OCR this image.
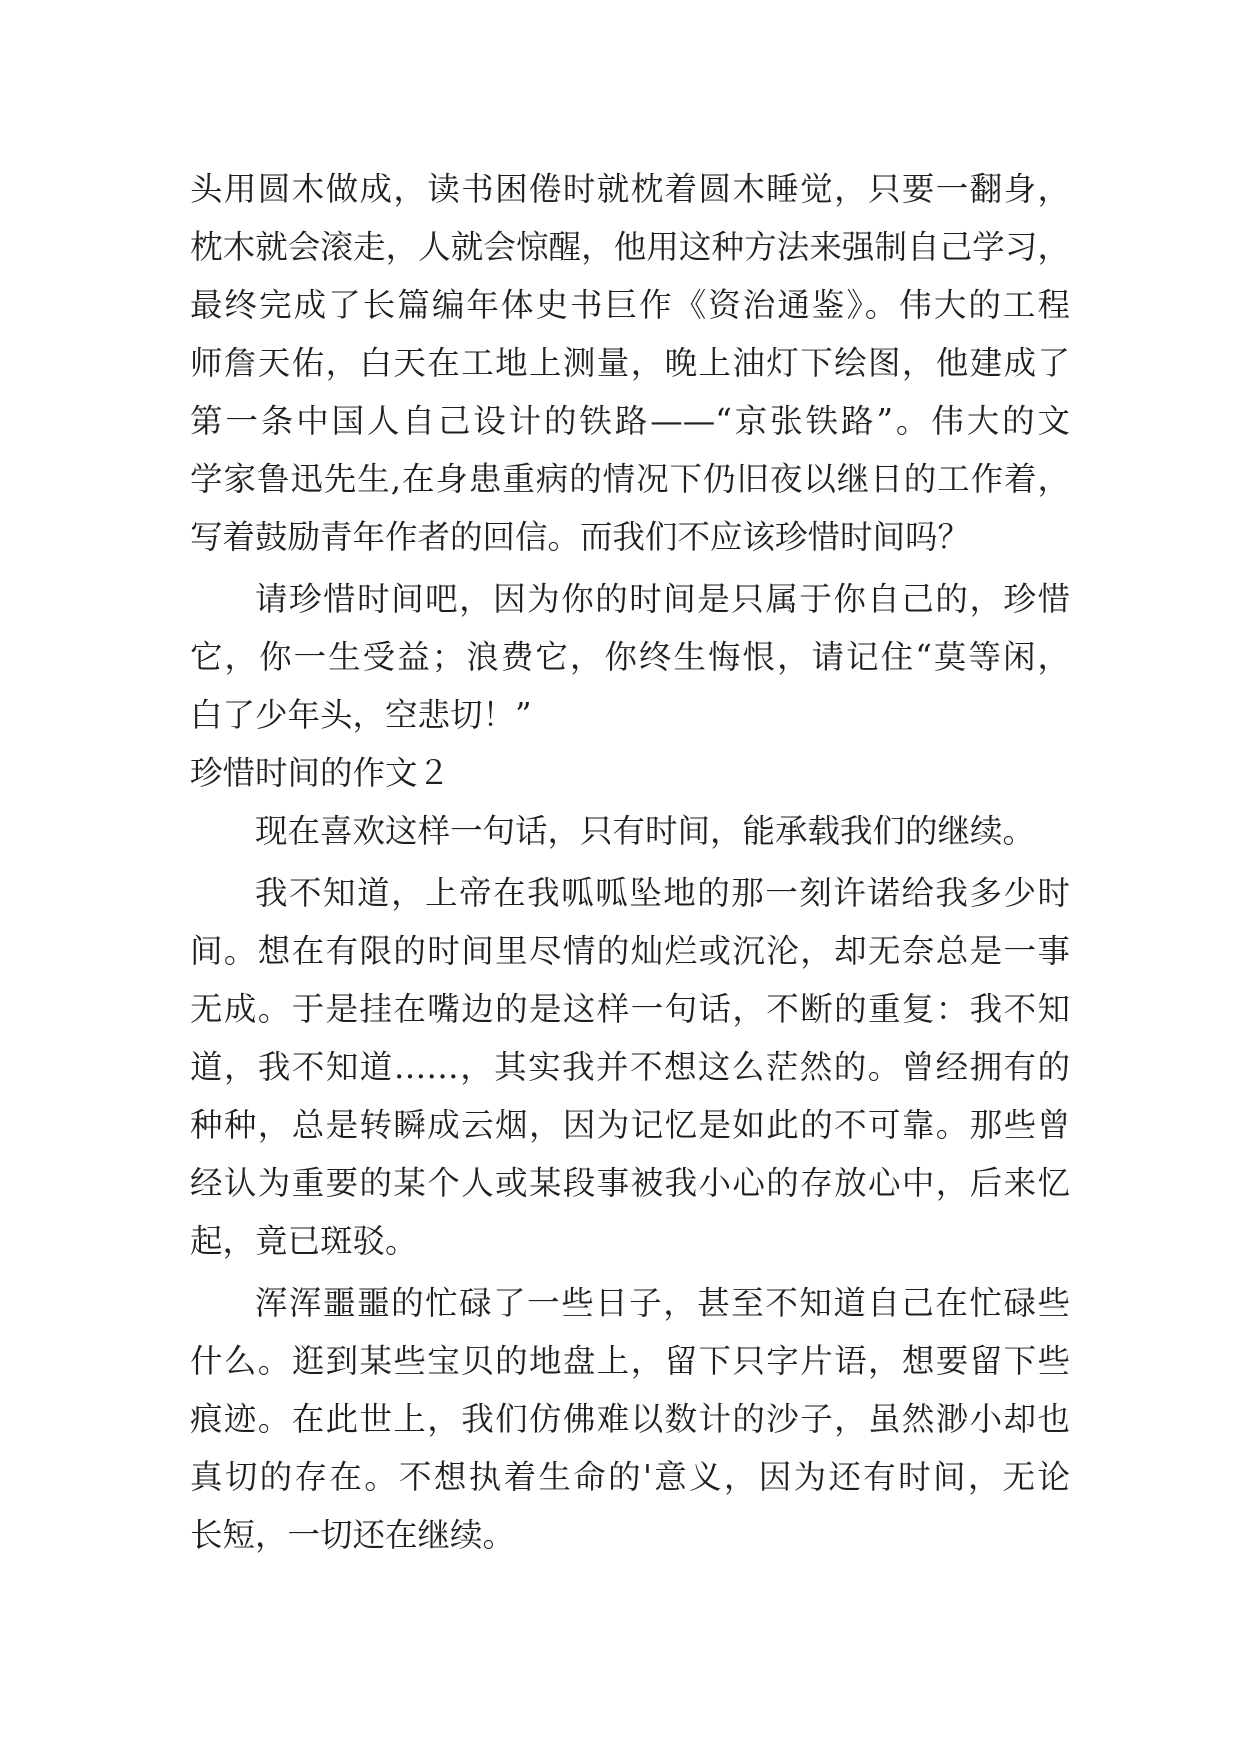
头用圆木做成，读书困倦时就枕着圆木睡觉，只要一翻身，
枕木就会滚走，人就会惊醒，他用这种方法来强制自己学习，
最终完成了长篇编年体史书巨作《资治通鉴》。伟大的工程
师詹天佑，白天在工地上测量，晚上油灯下绘图，他建成了
第一条中国人自己设计的铁路——“京张铁路”。伟大的文
学家鲁迅先生,在身患重病的情况下仍旧夜以继日的工作着，
写着鼓励青年作者的回信。而我们不应该珍惜时间吗？
请珍惜时间吧，因为你的时间是只属于你自己的，珍惜
它，你一生受益；浪费它，你终生悔恨，请记住“莫等闲，
白了少年头，空悲切！”
珍惜时间的作文２
现在喜欢这样一句话，只有时间，能承载我们的继续。
我不知道，上帝在我呱呱坠地的那一刻许诺给我多少时
间。想在有限的时间里尽情的灿烂或沉沦，却无奈总是一事
无成。于是挂在嘴边的是这样一句话，不断的重复：我不知
道，我不知道……，其实我并不想这么茫然的。曾经拥有的
种种，总是转瞬成云烟，因为记忆是如此的不可靠。那些曾
经认为重要的某个人或某段事被我小心的存放心中，后来忆
起，竟已斑驳。
浑浑噩噩的忙碌了一些日子，甚至不知道自己在忙碌些
什么。逛到某些宝贝的地盘上，留下只字片语，想要留下些
痕迹。在此世上，我们仿佛难以数计的沙子，虽然渺小却也
真切的存在。不想执着生命的'意义，因为还有时间，无论
长短，一切还在继续。
